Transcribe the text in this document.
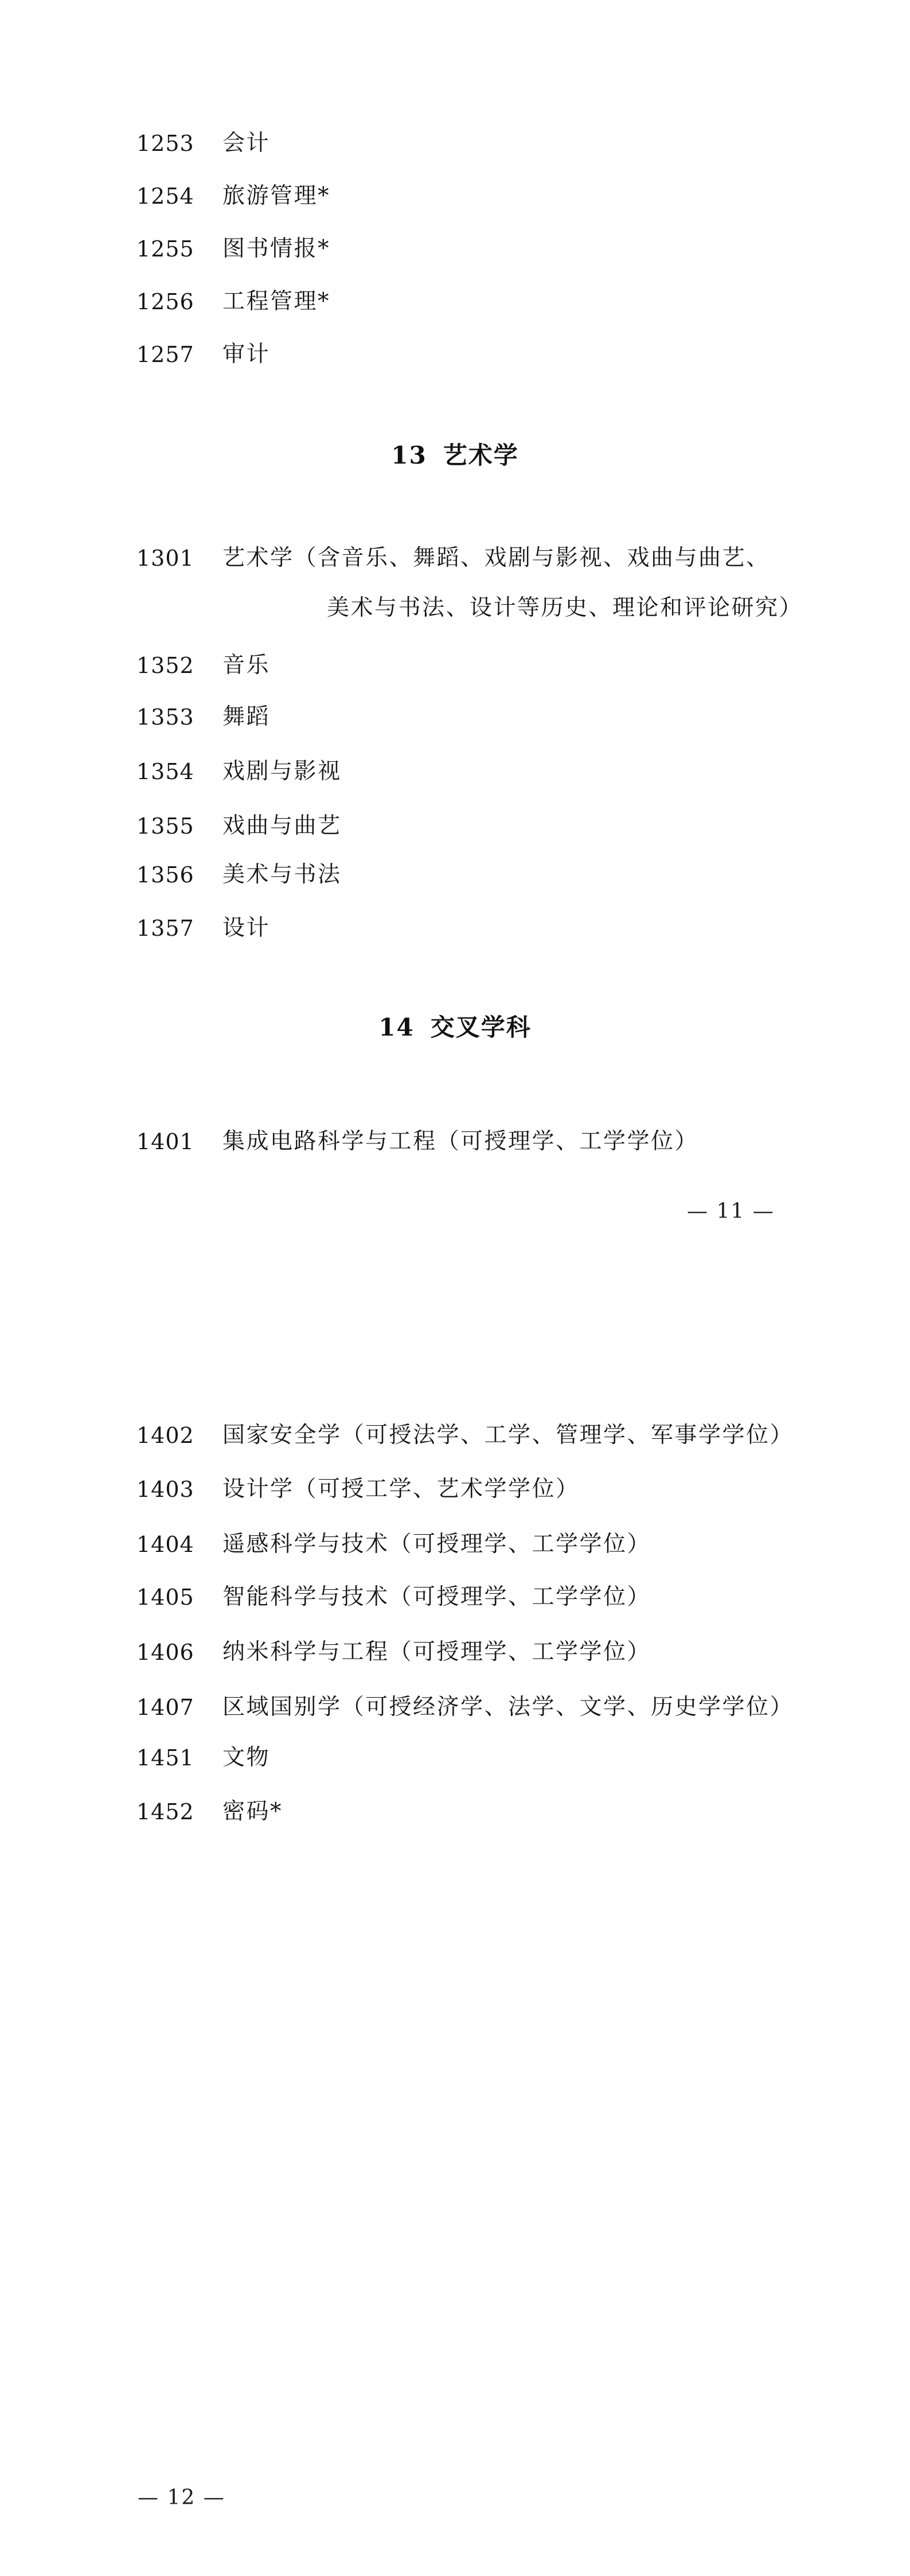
1253 会计
1254 旅游管理*
1255 图书情报*
1256 工程管理*
1257 审计
13 艺术学
1301 艺术学（含音乐、舞蹈、戏剧与影视、戏曲与曲艺、
美术与书法、设计等历史、理论和评论研究）
1352 音乐
1353 舞蹈
1354 戏剧与影视
1355 戏曲与曲艺
1356 美术与书法
1357 设计
14 交叉学科
1401 集成电路科学与工程（可授理学、工学学位）
— 11 —
1402 国家安全学（可授法学、工学、管理学、军事学学位）
1403 设计学（可授工学、艺术学学位）
1404 遥感科学与技术（可授理学、工学学位）
1405 智能科学与技术（可授理学、工学学位）
1406 纳米科学与工程（可授理学、工学学位）
1407 区域国别学（可授经济学、法学、文学、历史学学位）
1451 文物
1452 密码*
— 12 —
